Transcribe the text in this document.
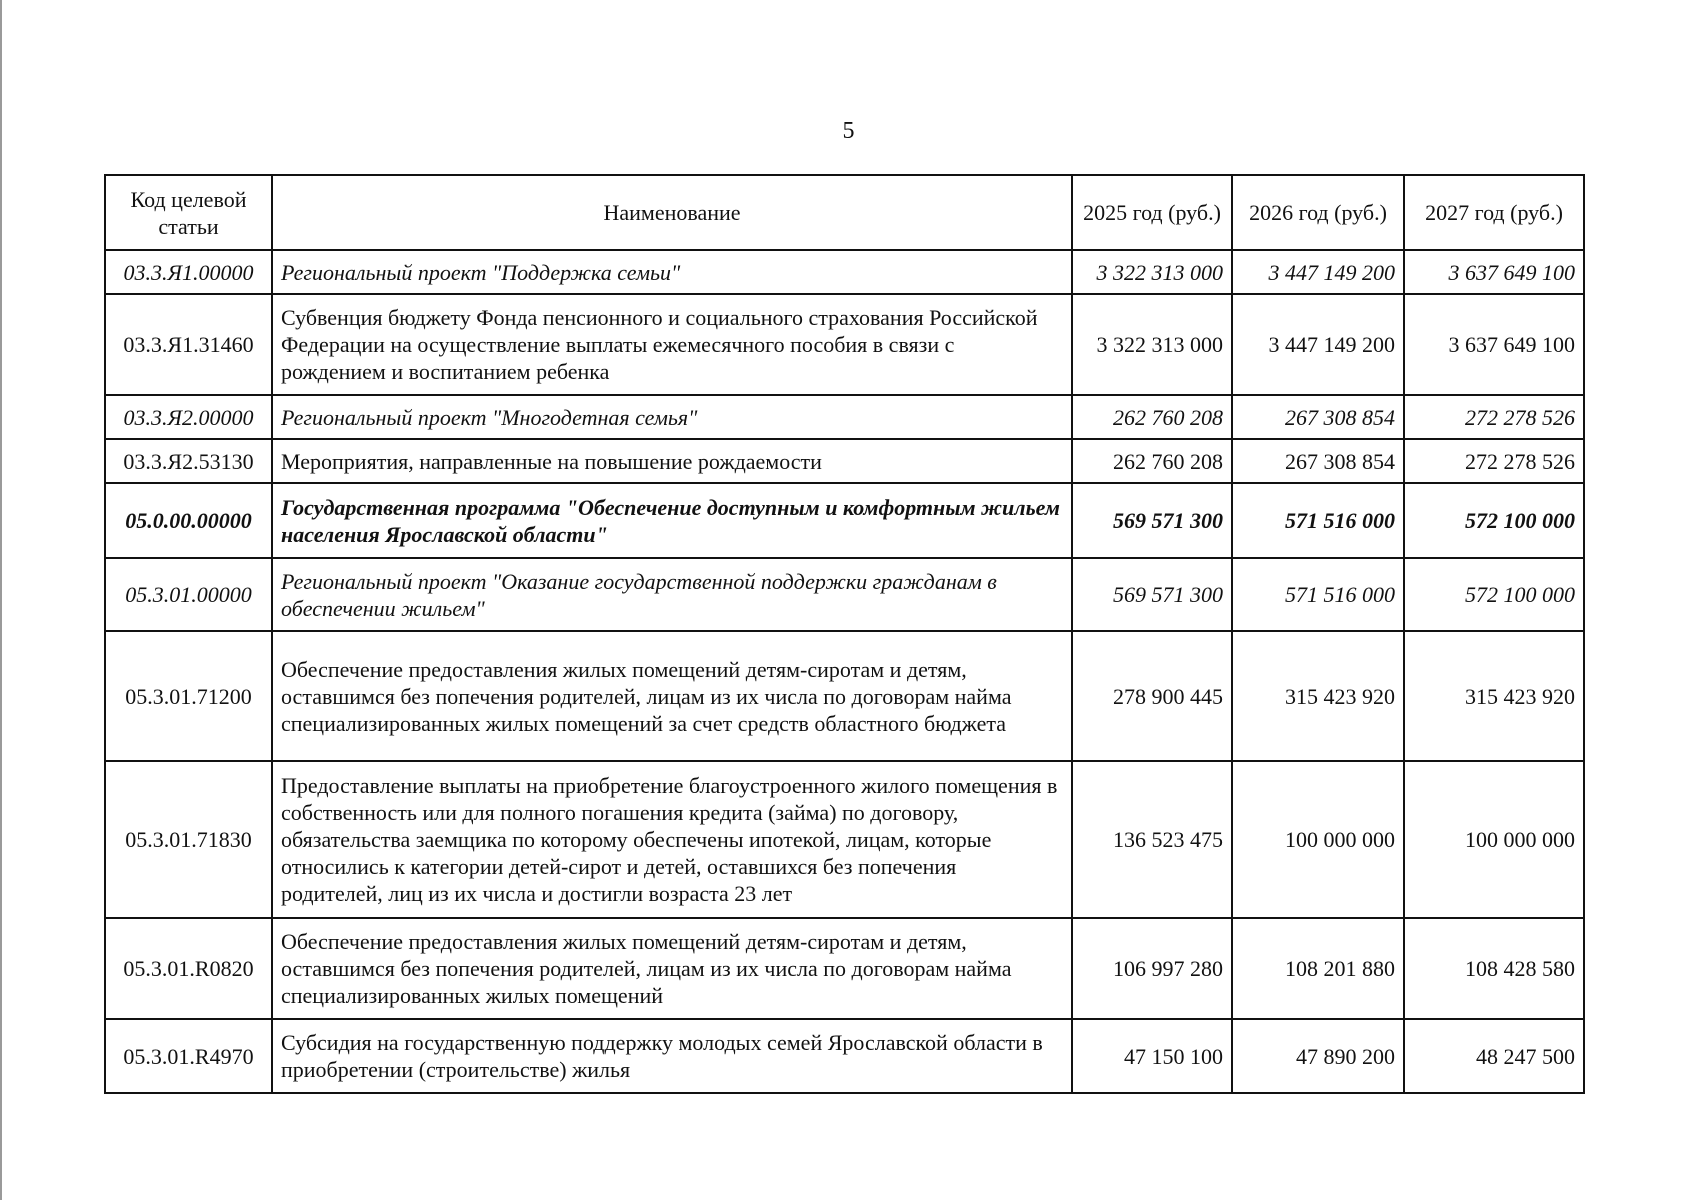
5
Код целевой статьи	Наименование	2025 год (руб.)	2026 год (руб.)	2027 год (руб.)
03.3.Я1.00000	Региональный проект "Поддержка семьи"	3 322 313 000	3 447 149 200	3 637 649 100
03.3.Я1.31460	Субвенция бюджету Фонда пенсионного и социального страхования Российской Федерации на осуществление выплаты ежемесячного пособия в связи с рождением и воспитанием ребенка	3 322 313 000	3 447 149 200	3 637 649 100
03.3.Я2.00000	Региональный проект "Многодетная семья"	262 760 208	267 308 854	272 278 526
03.3.Я2.53130	Мероприятия, направленные на повышение рождаемости	262 760 208	267 308 854	272 278 526
05.0.00.00000	Государственная программа "Обеспечение доступным и комфортным жильем населения Ярославской области"	569 571 300	571 516 000	572 100 000
05.3.01.00000	Региональный проект "Оказание государственной поддержки гражданам в обеспечении жильем"	569 571 300	571 516 000	572 100 000
05.3.01.71200	Обеспечение предоставления жилых помещений детям-сиротам и детям, оставшимся без попечения родителей, лицам из их числа по договорам найма специализированных жилых помещений за счет средств областного бюджета	278 900 445	315 423 920	315 423 920
05.3.01.71830	Предоставление выплаты на приобретение благоустроенного жилого помещения в собственность или для полного погашения кредита (займа) по договору, обязательства заемщика по которому обеспечены ипотекой, лицам, которые относились к категории детей-сирот и детей, оставшихся без попечения родителей, лиц из их числа и достигли возраста 23 лет	136 523 475	100 000 000	100 000 000
05.3.01.R0820	Обеспечение предоставления жилых помещений детям-сиротам и детям, оставшимся без попечения родителей, лицам из их числа по договорам найма специализированных жилых помещений	106 997 280	108 201 880	108 428 580
05.3.01.R4970	Субсидия на государственную поддержку молодых семей Ярославской области в приобретении (строительстве) жилья	47 150 100	47 890 200	48 247 500
